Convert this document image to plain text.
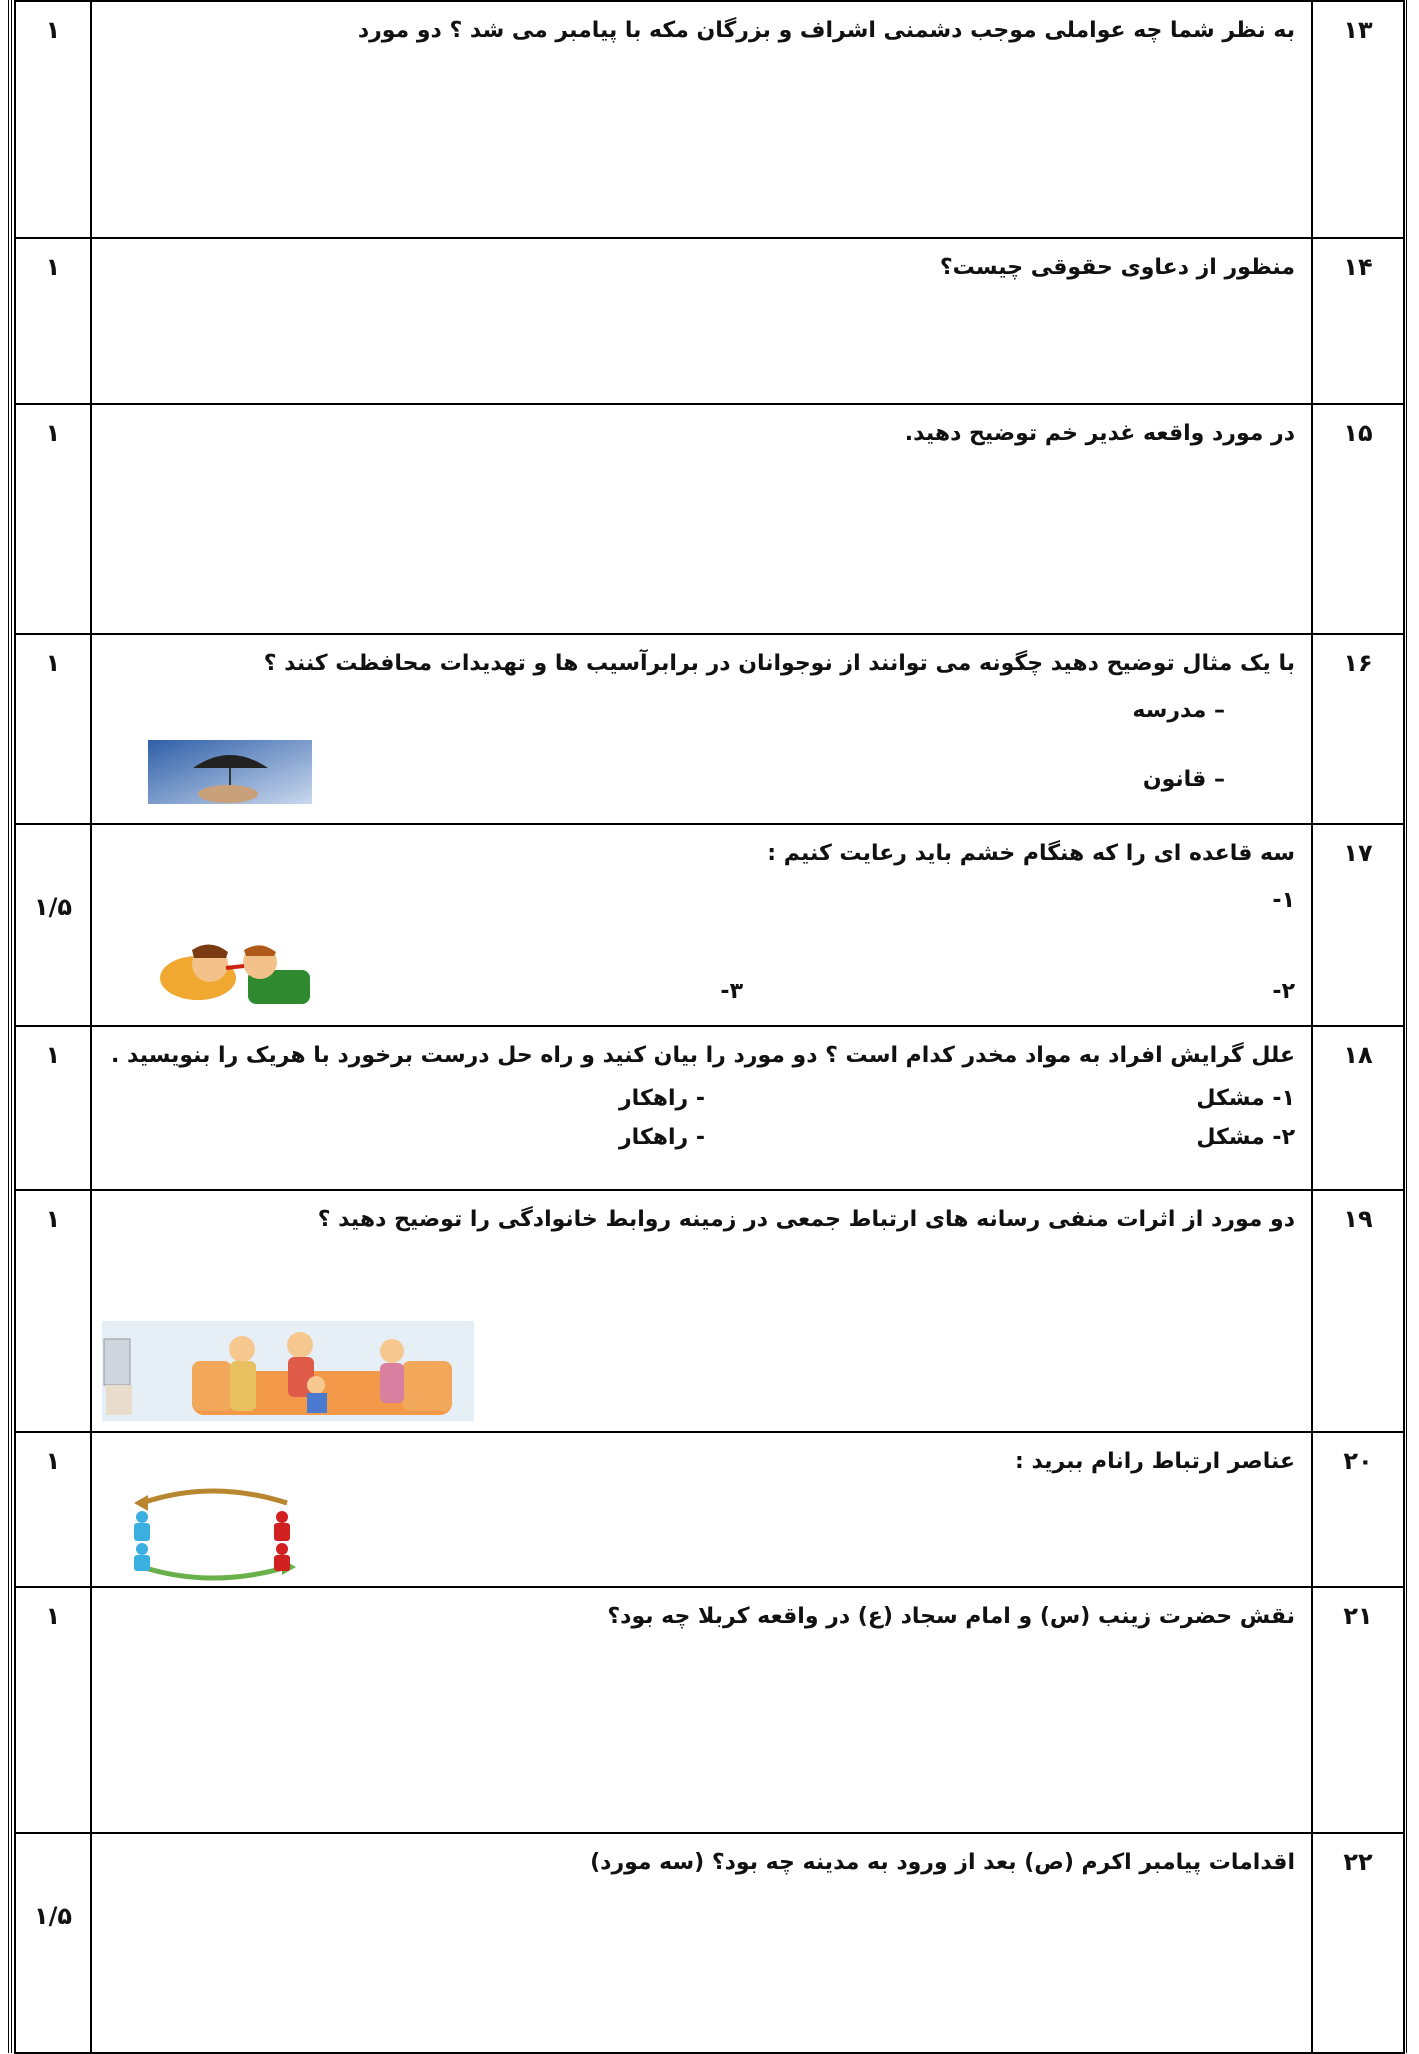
۱	به نظر شما چه عواملی موجب دشمنی اشراف و بزرگان مکه با پیامبر می شد ؟ دو مورد	۱۳

۱	منظور از دعاوی حقوقی چیست؟	۱۴

۱	در مورد واقعه غدیر خم توضیح دهید.	۱۵

۱	با یک مثال توضیح دهید چگونه می توانند از نوجوانان در برابرآسیب ها و تهدیدات محافظت کنند ؟
– مدرسه
– قانون	۱۶

۱/۵	سه قاعده ای را که هنگام خشم باید رعایت کنیم :
۱-
۲-
۳-	۱۷

۱	علل گرایش افراد به مواد مخدر کدام است ؟ دو مورد را بیان کنید و راه حل درست برخورد با هریک را بنویسید .
۱- مشکل
- راهکار
۲- مشکل
- راهکار	۱۸

۱	دو مورد از اثرات منفی رسانه های ارتباط جمعی در زمینه روابط خانوادگی را توضیح دهید ؟	۱۹

۱	عناصر ارتباط رانام ببرید :	۲۰

۱	نقش حضرت زینب (س) و امام سجاد (ع) در واقعه کربلا چه بود؟	۲۱

۱/۵	اقدامات پیامبر اکرم (ص) بعد از ورود به مدینه چه بود؟ (سه مورد)	۲۲
